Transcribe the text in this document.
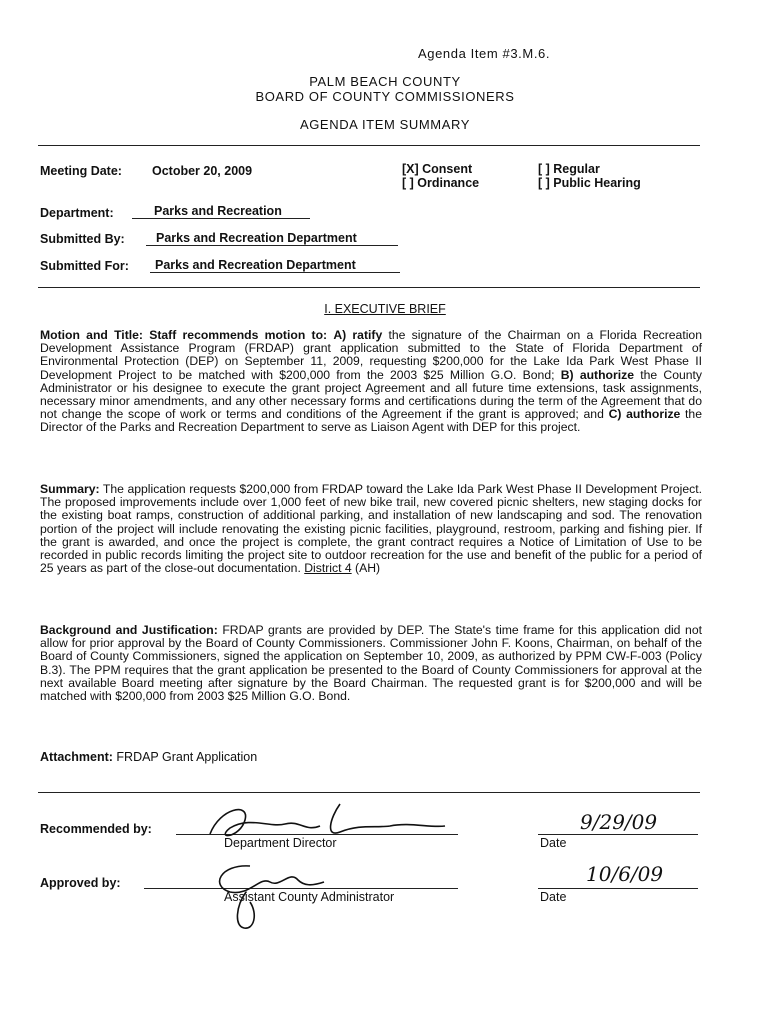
Agenda Item #3.M.6.
PALM BEACH COUNTY
BOARD OF COUNTY COMMISSIONERS
AGENDA ITEM SUMMARY
Meeting Date: October 20, 2009	[X] Consent
[ ] Ordinance
[ ] Regular
[ ] Public Hearing
Department:	Parks and Recreation
Submitted By:	Parks and Recreation Department
Submitted For: Parks and Recreation Department
I. EXECUTIVE BRIEF

Motion and Title: Staff recommends motion to: A) ratify the signature of the Chairman on a Florida Recreation Development Assistance Program (FRDAP) grant application submitted to the State of Florida Department of Environmental Protection (DEP) on September 11, 2009, requesting $200,000 for the Lake Ida Park West Phase II Development Project to be matched with $200,000 from the 2003 $25 Million G.O. Bond; B) authorize the County Administrator or his designee to execute the grant project Agreement and all future time extensions, task assignments, necessary minor amendments, and any other necessary forms and certifications during the term of the Agreement that do not change the scope of work or terms and conditions of the Agreement if the grant is approved; and C) authorize the Director of the Parks and Recreation Department to serve as Liaison Agent with DEP for this project.

Summary: The application requests $200,000 from FRDAP toward the Lake Ida Park West Phase II Development Project. The proposed improvements include over 1,000 feet of new bike trail, new covered picnic shelters, new staging docks for the existing boat ramps, construction of additional parking, and installation of new landscaping and sod. The renovation portion of the project will include renovating the existing picnic facilities, playground, restroom, parking and fishing pier. If the grant is awarded, and once the project is complete, the grant contract requires a Notice of Limitation of Use to be recorded in public records limiting the project site to outdoor recreation for the use and benefit of the public for a period of 25 years as part of the close-out documentation. District 4 (AH)

Background and Justification: FRDAP grants are provided by DEP. The State's time frame for this application did not allow for prior approval by the Board of County Commissioners. Commissioner John F. Koons, Chairman, on behalf of the Board of County Commissioners, signed the application on September 10, 2009, as authorized by PPM CW-F-003 (Policy B.3). The PPM requires that the grant application be presented to the Board of County Commissioners for approval at the next available Board meeting after signature by the Board Chairman. The requested grant is for $200,000 and will be matched with $200,000 from 2003 $25 Million G.O. Bond.

Attachment: FRDAP Grant Application
Recommended by:
Department Director
9/29/09
Date
Approved by:
Assistant County Administrator
10/6/09
Date
